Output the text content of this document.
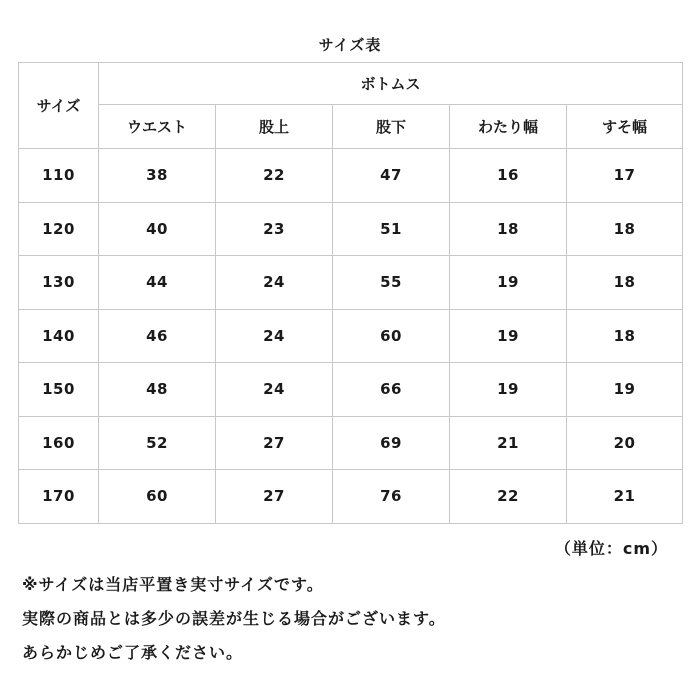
サイズ表
サイズ	ボトムス				
	ウエスト	股上	股下	わたり幅	すそ幅
110	38	22	47	16	17
120	40	23	51	18	18
130	44	24	55	19	18
140	46	24	60	19	18
150	48	24	66	19	19
160	52	27	69	21	20
170	60	27	76	22	21
（単位：cm）
※サイズは当店平置き実寸サイズです。
実際の商品とは多少の誤差が生じる場合がございます。
あらかじめご了承ください。
